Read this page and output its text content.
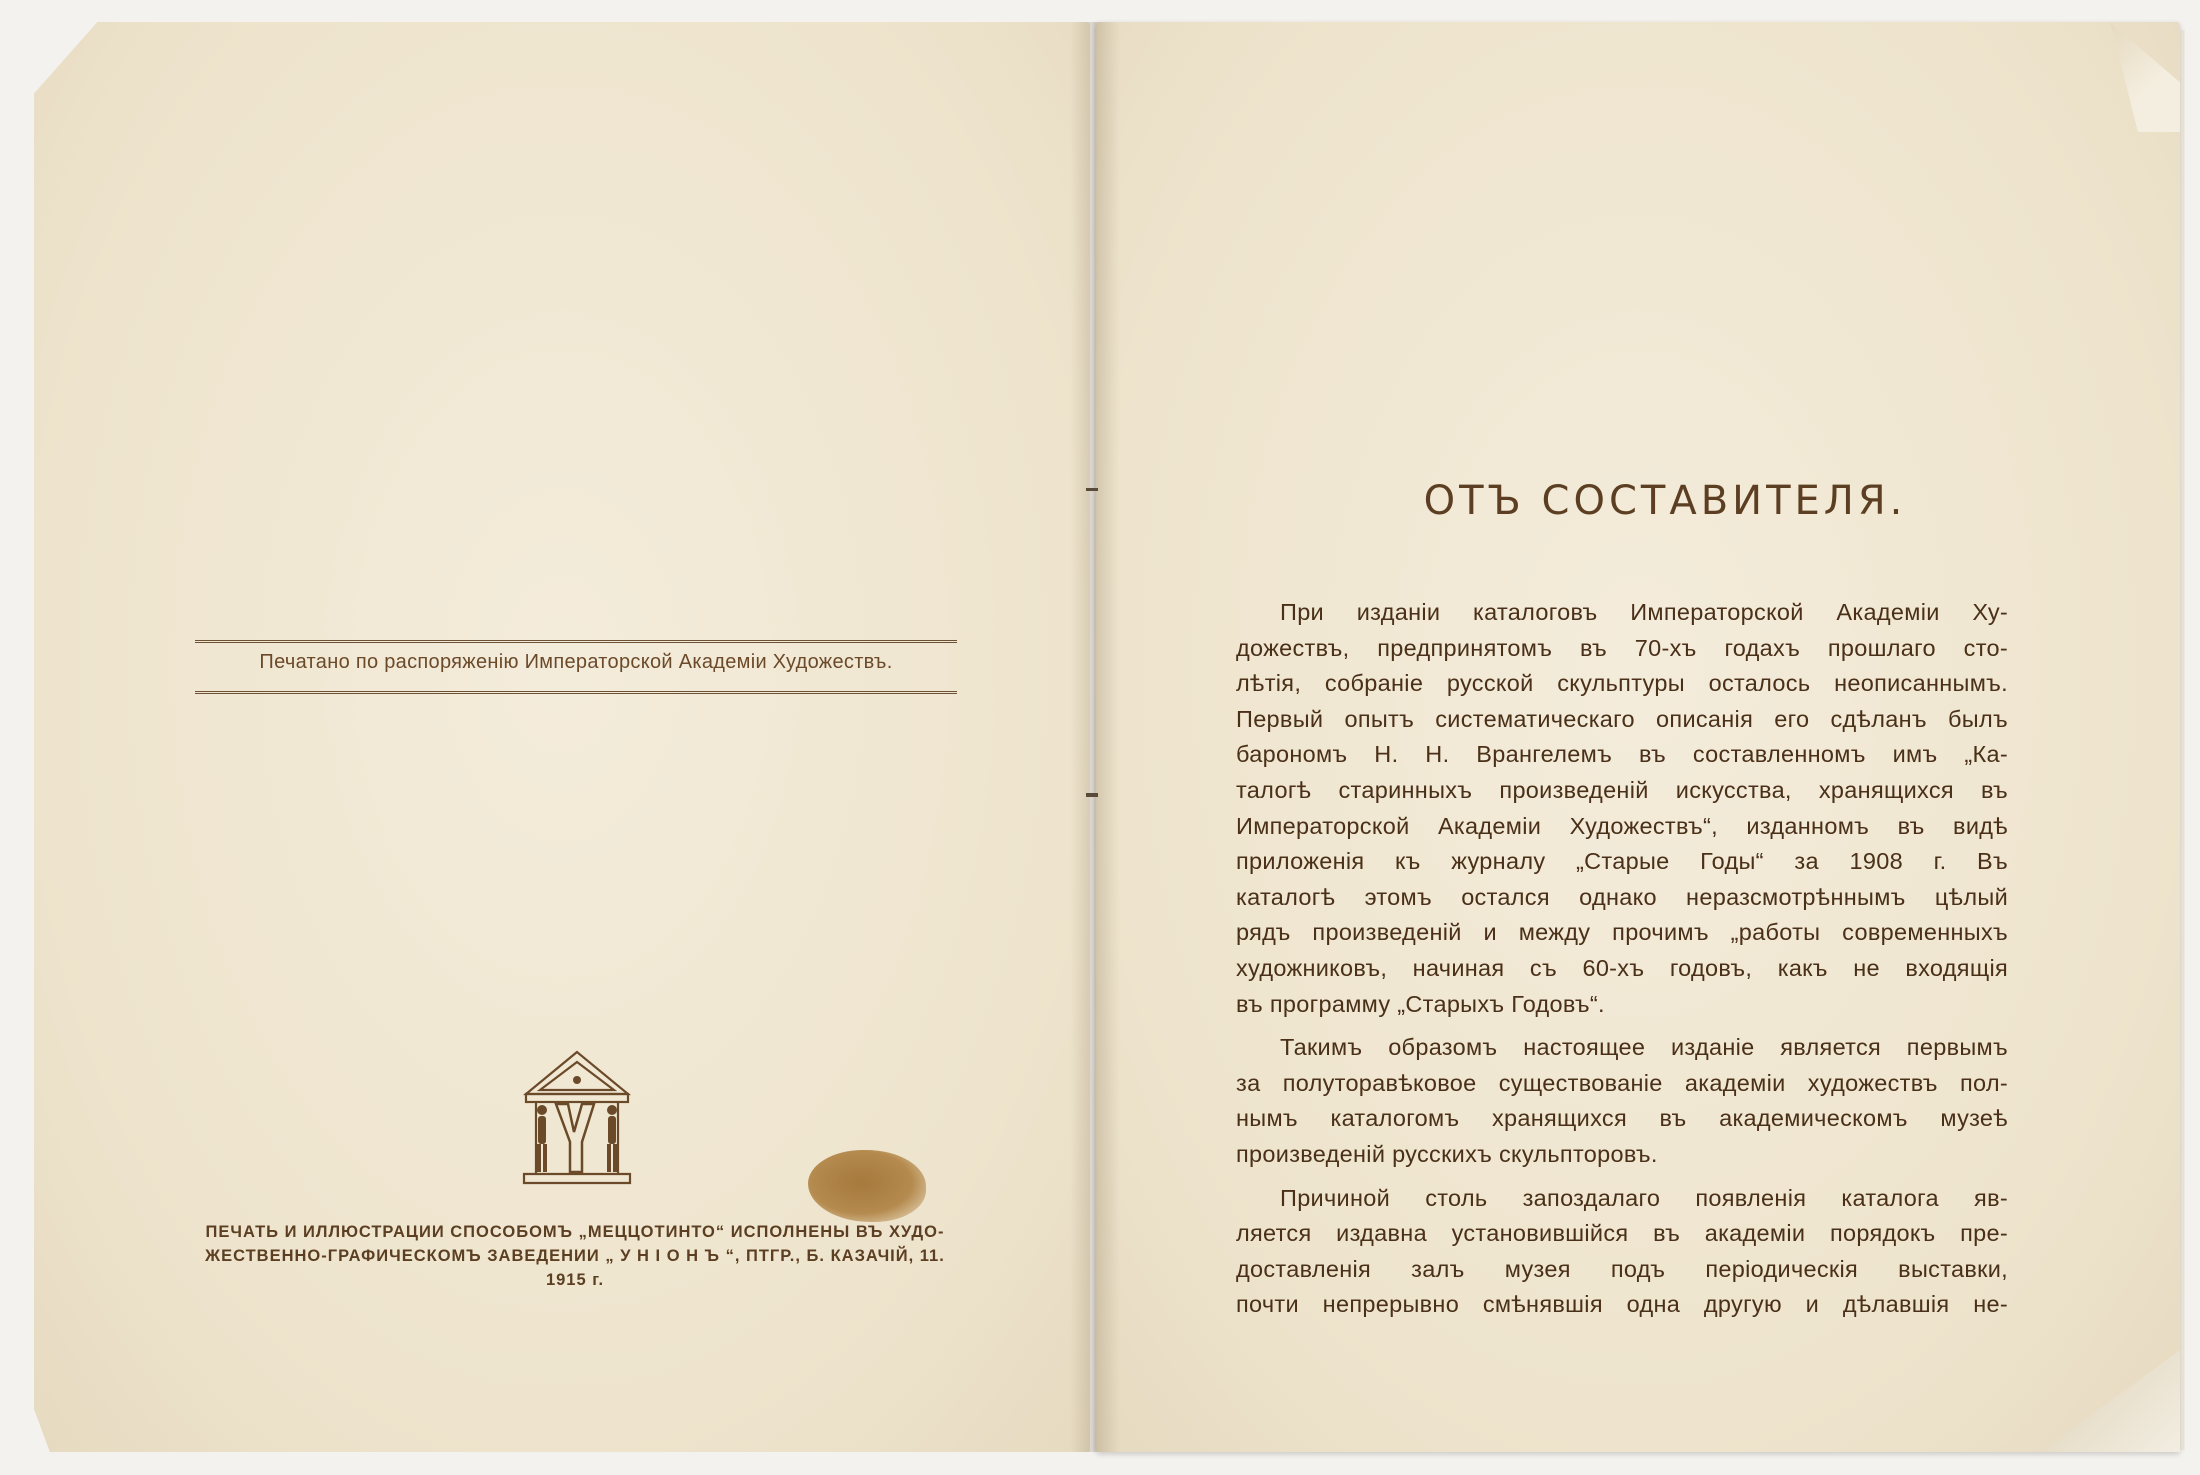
Печатано по распоряженію Императорской Академіи Художествъ.
ПЕЧАТЬ И ИЛЛЮСТРАЦИИ СПОСОБОМЪ „МЕЦЦОТИНТО“ ИСПОЛНЕНЫ ВЪ ХУДО-
ЖЕСТВЕННО-ГРАФИЧЕСКОМЪ ЗАВЕДЕНИИ „ У Н І О Н Ъ “, ПТГР., Б. КАЗАЧІЙ, 11.
1915 г.
ОТЪ СОСТАВИТЕЛЯ.
При изданіи каталоговъ Императорской Академіи Ху-
дожествъ, предпринятомъ въ 70-хъ годахъ прошлаго сто-
лѣтія, собраніе русской скульптуры осталось неописаннымъ.
Первый опытъ систематическаго описанія его сдѣланъ былъ
барономъ Н. Н. Врангелемъ въ составленномъ имъ „Ка-
талогѣ старинныхъ произведеній искусства, хранящихся въ
Императорской Академіи Художествъ“, изданномъ въ видѣ
приложенія къ журналу „Старые Годы“ за 1908 г. Въ
каталогѣ этомъ остался однако неразсмотрѣннымъ цѣлый
рядъ произведеній и между прочимъ „работы современныхъ
художниковъ, начиная съ 60-хъ годовъ, какъ не входящія
въ программу „Старыхъ Годовъ“.
Такимъ образомъ настоящее изданіе является первымъ
за полуторавѣковое существованіе академіи художествъ пол-
нымъ каталогомъ хранящихся въ академическомъ музеѣ
произведеній русскихъ скульпторовъ.
Причиной столь запоздалаго появленія каталога яв-
ляется издавна установившійся въ академіи порядокъ пре-
доставленія залъ музея подъ періодическія выставки,
почти непрерывно смѣнявшія одна другую и дѣлавшія не-
